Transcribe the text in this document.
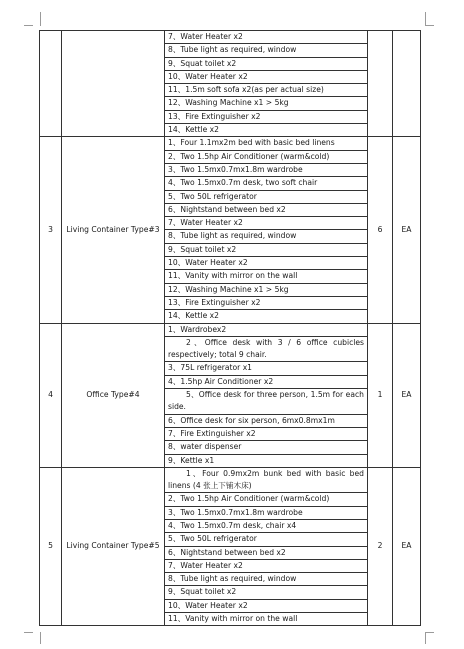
		7、Water Heater x2		
		8、Tube light as required, window		
		9、Squat toilet x2		
		10、Water Heater x2		
		11、1.5m soft sofa x2(as per actual size)		
		12、Washing Machine x1 > 5kg		
		13、Fire Extinguisher x2		
		14、Kettle x2		
3	Living Container Type#3	1、Four 1.1mx2m bed with basic bed linens	6	EA
		2、Two 1.5hp Air Conditioner (warm&cold)		
		3、Two 1.5mx0.7mx1.8m wardrobe		
		4、Two 1.5mx0.7m desk, two soft chair		
		5、Two 50L refrigerator		
		6、Nightstand between bed x2		
		7、Water Heater x2		
		8、Tube light as required, window		
		9、Squat toilet x2		
		10、Water Heater x2		
		11、Vanity with mirror on the wall		
		12、Washing Machine x1 > 5kg		
		13、Fire Extinguisher x2		
		14、Kettle x2		
4	Office Type#4	1、Wardrobex2	1	EA
		2、Office desk with 3 / 6 office cubicles respectively; total 9 chair.		
		3、75L refrigerator x1		
		4、1.5hp Air Conditioner x2		
		5、Office desk for three person, 1.5m for each side.		
		6、Office desk for six person, 6mx0.8mx1m		
		7、Fire Extinguisher x2		
		8、water dispenser		
		9、Kettle x1		
5	Living Container Type#5	1、Four 0.9mx2m bunk bed with basic bed linens (4 张上下铺木床)	2	EA
		2、Two 1.5hp Air Conditioner (warm&cold)		
		3、Two 1.5mx0.7mx1.8m wardrobe		
		4、Two 1.5mx0.7m desk, chair x4		
		5、Two 50L refrigerator		
		6、Nightstand between bed x2		
		7、Water Heater x2		
		8、Tube light as required, window		
		9、Squat toilet x2		
		10、Water Heater x2		
		11、Vanity with mirror on the wall		
